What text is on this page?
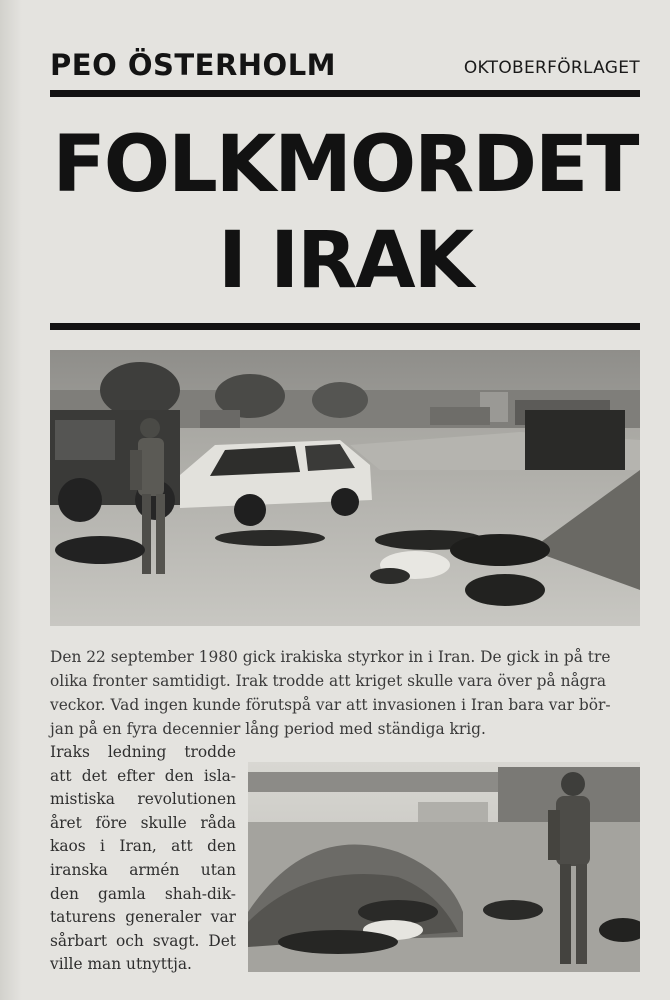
PEO ÖSTERHOLM	OKTOBERFÖRLAGET
FOLKMORDET
I IRAK
Den 22 september 1980 gick irakiska styrkor in i Iran. De gick in på tre
olika fronter samtidigt. Irak trodde att kriget skulle vara över på några
veckor. Vad ingen kunde förutspå var att invasionen i Iran bara var bör-
jan på en fyra decennier lång period med ständiga krig.
Iraks ledning trodde
att det efter den isla-
mistiska revolutionen
året före skulle råda
kaos i Iran, att den
iranska armén utan
den gamla shah-dik-
taturens generaler var
sårbart och svagt. Det
ville man utnyttja.
